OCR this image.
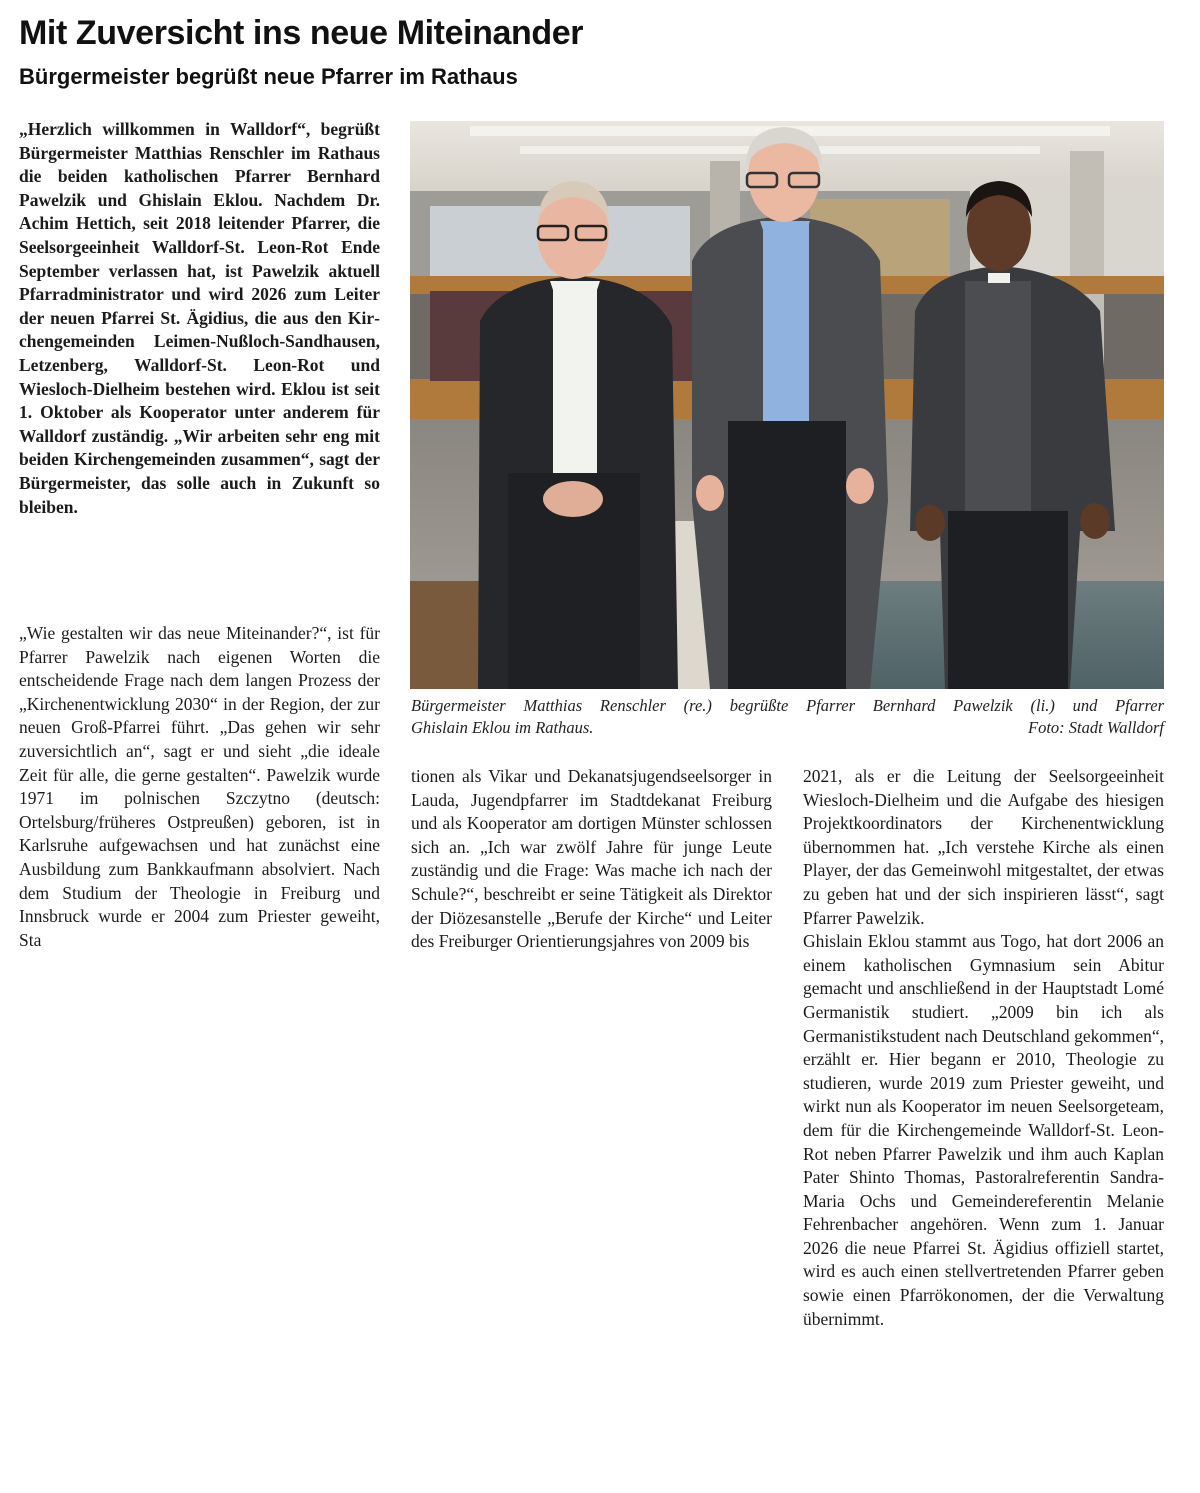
Mit Zuversicht ins neue Miteinander
Bürgermeister begrüßt neue Pfarrer im Rathaus

„Herzlich willkommen in Walldorf“, begrüßt Bürgermeister Matthias Renschler im Rathaus die beiden katholischen Pfarrer Bernhard Pawelzik und Ghislain Eklou. Nachdem Dr. Achim Hettich, seit 2018 leitender Pfarrer, die Seelsorgeeinheit Walldorf-St. Leon-Rot Ende September verlassen hat, ist Pawelzik aktuell Pfarradministrator und wird 2026 zum Leiter der neuen Pfarrei St. Ägidius, die aus den Kirchengemeinden Leimen-Nußloch-Sandhausen, Letzenberg, Walldorf-St. Leon-Rot und Wiesloch-Dielheim bestehen wird. Eklou ist seit 1. Oktober als Kooperator unter anderem für Walldorf zuständig. „Wir arbeiten sehr eng mit beiden Kirchengemeinden zusammen“, sagt der Bürgermeister, das solle auch in Zukunft so bleiben.

„Wie gestalten wir das neue Miteinander?“, ist für Pfarrer Pawelzik nach eigenen Worten die entscheidende Frage nach dem langen Prozess der „Kirchenentwicklung 2030“ in der Region, der zur neuen Groß-Pfarrei führt. „Das gehen wir sehr zuversichtlich an“, sagt er und sieht „die ideale Zeit für alle, die gerne gestalten“. Pawelzik wurde 1971 im polnischen Szczytno (deutsch: Ortelsburg/früheres Ostpreußen) geboren, ist in Karlsruhe aufgewachsen und hat zunächst eine Ausbildung zum Bankkaufmann absolviert. Nach dem Studium der Theologie in Freiburg und Innsbruck wurde er 2004 zum Priester geweiht, Sta

Bürgermeister Matthias Renschler (re.) begrüßte Pfarrer Bernhard Pawelzik (li.) und Pfarrer
Ghislain Eklou im Rathaus.	Foto: Stadt Walldorf

tionen als Vikar und Dekanatsjugendseelsorger in Lauda, Jugendpfarrer im Stadtdekanat Freiburg und als Kooperator am dortigen Münster schlossen sich an. „Ich war zwölf Jahre für junge Leute zuständig und die Frage: Was mache ich nach der Schule?“, beschreibt er seine Tätigkeit als Direktor der Diözesanstelle „Berufe der Kirche“ und Leiter des Freiburger Orientierungsjahres von 2009 bis

2021, als er die Leitung der Seelsorgeeinheit Wiesloch-Dielheim und die Aufgabe des hiesigen Projektkoordinators der Kirchenentwicklung übernommen hat. „Ich verstehe Kirche als einen Player, der das Gemeinwohl mitgestaltet, der etwas zu geben hat und der sich inspirieren lässt“, sagt Pfarrer Pawelzik.

Ghislain Eklou stammt aus Togo, hat dort 2006 an einem katholischen Gymnasium sein Abitur gemacht und anschließend in der Hauptstadt Lomé Germanistik studiert. „2009 bin ich als Germanistikstudent nach Deutschland gekommen“, erzählt er. Hier begann er 2010, Theologie zu studieren, wurde 2019 zum Priester geweiht, und wirkt nun als Kooperator im neuen Seelsorgeteam, dem für die Kirchengemeinde Walldorf-St. Leon-Rot neben Pfarrer Pawelzik und ihm auch Kaplan Pater Shinto Thomas, Pastoralreferentin Sandra-Maria Ochs und Gemeindereferentin Melanie Fehrenbacher angehören. Wenn zum 1. Januar 2026 die neue Pfarrei St. Ägidius offiziell startet, wird es auch einen stellvertretenden Pfarrer geben sowie einen Pfarrökonomen, der die Verwaltung übernimmt.
